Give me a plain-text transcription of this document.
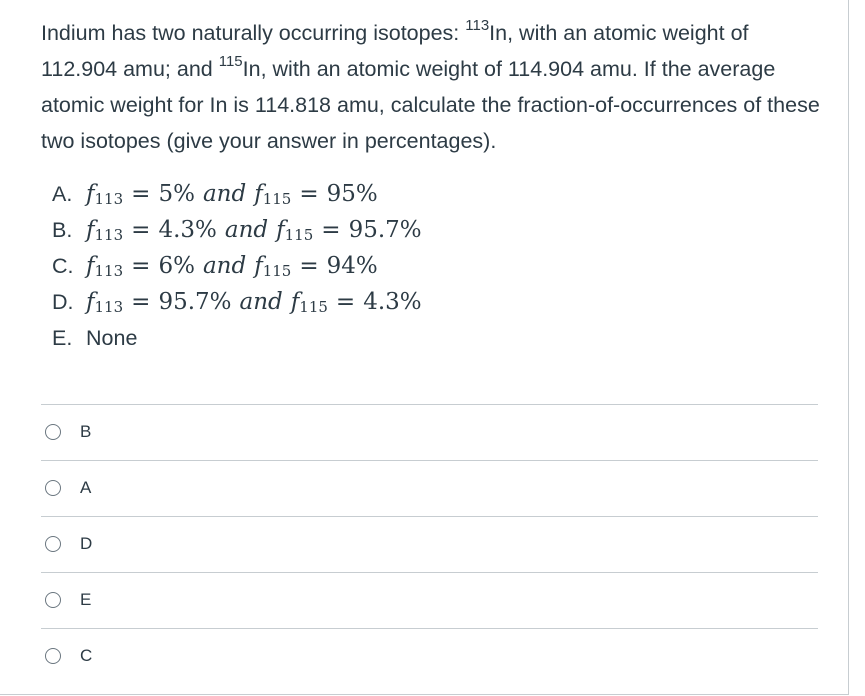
Indium has two naturally occurring isotopes: $^{113}$In, with an atomic weight of 112.904 amu; and $^{115}$In, with an atomic weight of 114.904 amu. If the average atomic weight for In is 114.818 amu, calculate the fraction-of-occurrences of these two isotopes (give your answer in percentages).
A. $f_{113} = 5\%$ and $f_{115} = 95\%$
B. $f_{113} = 4.3\%$ and $f_{115} = 95.7\%$
C. $f_{113} = 6\%$ and $f_{115} = 94\%$
D. $f_{113} = 95.7\%$ and $f_{115} = 4.3\%$
E. None
B
A
D
E
C
